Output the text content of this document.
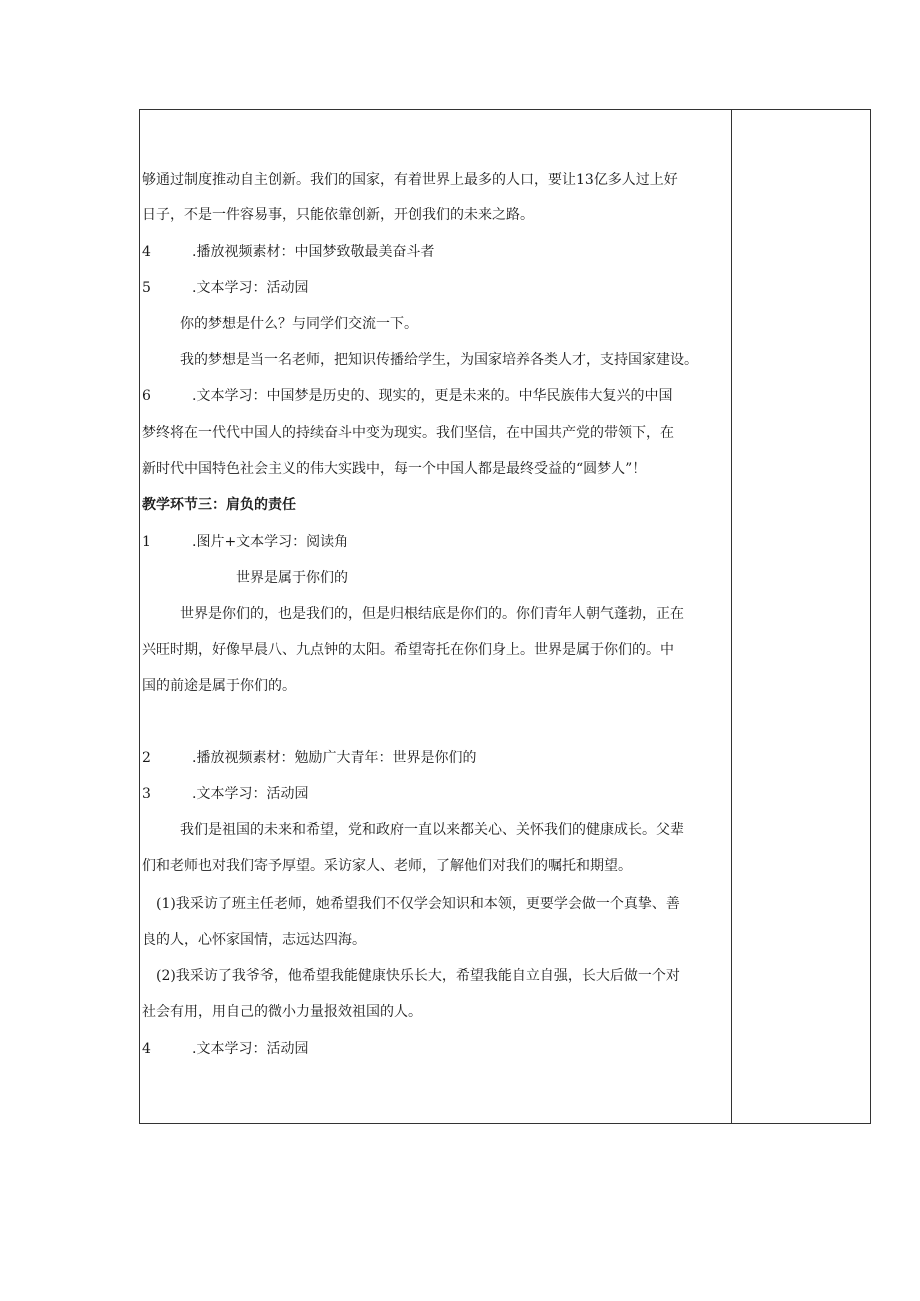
够通过制度推动自主创新。我们的国家，有着世界上最多的人口，要让13亿多人过上好
日子，不是一件容易事，只能依靠创新，开创我们的未来之路。
4	.播放视频素材：中国梦致敬最美奋斗者
5	.文本学习：活动园
你的梦想是什么？与同学们交流一下。
我的梦想是当一名老师，把知识传播给学生，为国家培养各类人才，支持国家建设。
6	.文本学习：中国梦是历史的、现实的，更是未来的。中华民族伟大复兴的中国
梦终将在一代代中国人的持续奋斗中变为现实。我们坚信，在中国共产党的带领下，在
新时代中国特色社会主义的伟大实践中，每一个中国人都是最终受益的“圆梦人”！
教学环节三：肩负的责任
1	.图片+文本学习：阅读角
世界是属于你们的
世界是你们的，也是我们的，但是归根结底是你们的。你们青年人朝气蓬勃，正在
兴旺时期，好像早晨八、九点钟的太阳。希望寄托在你们身上。世界是属于你们的。中
国的前途是属于你们的。
2	.播放视频素材：勉励广大青年：世界是你们的
3	.文本学习：活动园
我们是祖国的未来和希望，党和政府一直以来都关心、关怀我们的健康成长。父辈
们和老师也对我们寄予厚望。采访家人、老师，了解他们对我们的嘱托和期望。
(1)我采访了班主任老师，她希望我们不仅学会知识和本领，更要学会做一个真挚、善
良的人，心怀家国情，志远达四海。
(2)我采访了我爷爷，他希望我能健康快乐长大，希望我能自立自强，长大后做一个对
社会有用，用自己的微小力量报效祖国的人。
4	.文本学习：活动园
